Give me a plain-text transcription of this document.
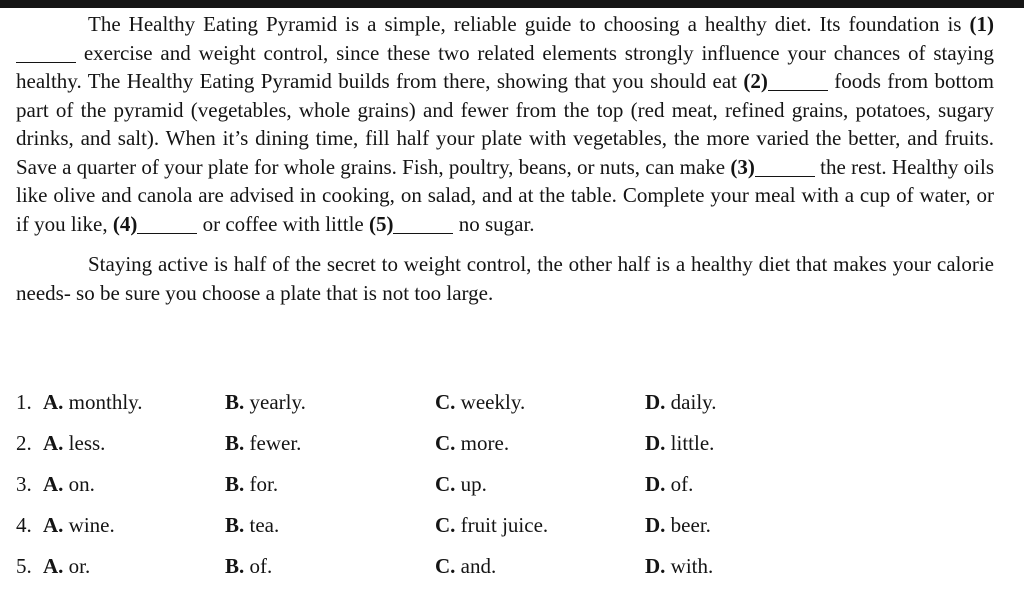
The Healthy Eating Pyramid is a simple, reliable guide to choosing a healthy diet. Its foundation is (1) exercise and weight control, since these two related elements strongly influence your chances of staying healthy. The Healthy Eating Pyramid builds from there, showing that you should eat (2)	foods from bottom part of the pyramid (vegetables, whole grains) and fewer from the top (red meat, refined grains, potatoes, sugary drinks, and salt). When it’s dining time, fill half your plate with vegetables, the more varied the better, and fruits. Save a quarter of your plate for whole grains. Fish, poultry, beans, or nuts, can make (3)	the rest. Healthy oils like olive and canola are advised in cooking, on salad, and at the table. Complete your meal with a cup of water, or if you like, (4)	or coffee with little (5)	no sugar.

Staying active is half of the secret to weight control, the other half is a healthy diet that makes your calorie needs- so be sure you choose a plate that is not too large.

1. A. monthly.	B. yearly.	C. weekly.	D. daily.
2. A. less.	B. fewer.	C. more.	D. little.
3. A. on.	B. for.	C. up.	D. of.
4. A. wine.	B. tea.	C. fruit juice.	D. beer.
5. A. or.	B. of.	C. and.	D. with.
